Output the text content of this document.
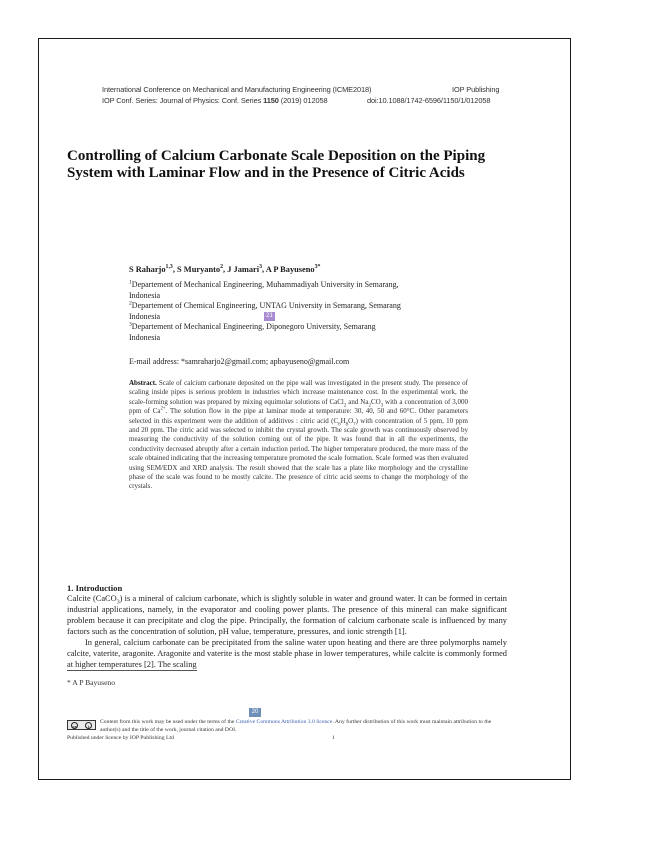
International Conference on Mechanical and Manufacturing Engineering (ICME2018)	IOP Publishing
IOP Conf. Series: Journal of Physics: Conf. Series 1150 (2019) 012058	doi:10.1088/1742-6596/1150/1/012058
Controlling of Calcium Carbonate Scale Deposition on the Piping System with Laminar Flow and in the Presence of Citric Acids
S Raharjo$^{1,3}$, S Muryanto$^2$, J Jamari$^3$, A P Bayuseno$^{3*}$
$^1$Departement of Mechanical Engineering, Muhammadiyah University in Semarang,
Indonesia
$^2$Departement of Chemical Engineering, UNTAG University in Semarang, Semarang
Indonesia	21
$^3$Departement of Mechanical Engineering, Diponegoro University, Semarang
Indonesia
E-mail address: *samraharjo2@gmail.com; apbayuseno@gmail.com
Abstract. Scale of calcium carbonate deposited on the pipe wall was investigated in the present study. The presence of scaling inside pipes is serious problem in industries which increase maintenance cost. In the experimental work, the scale-forming solution was prepared by mixing equimolar solutions of CaCl$_2$ and $Na_2CO_3$ with a concentration of 3,000 ppm of $Ca^{2+}$. The solution flow in the pipe at laminar mode at temperature: 30, 40, 50 and 60°C. Other parameters selected in this experiment were the addition of additives : citric acid $(C_6H_8O_7)$ with concentration of 5 ppm, 10 ppm and 20 ppm. The citric acid was selected to inhibit the crystal growth. The scale growth was continuously observed by measuring the conductivity of the solution coming out of the pipe. It was found that in all the experiments, the conductivity decreased abruptly after a certain induction period. The higher temperature produced, the more mass of the scale obtained indicating that the increasing temperature promoted the scale formation. Scale formed was then evaluated using SEM/EDX and XRD analysis. The result showed that the scale has a plate like morphology and the crystalline phase of the scale was found to be mostly calcite. The presence of citric acid seems to change the morphology of the crystals.
1. Introduction

Calcite (CaCO$_3$) is a mineral of calcium carbonate, which is slightly soluble in water and ground water. It can be formed in certain industrial applications, namely, in the evaporator and cooling power plants. The presence of this mineral can make significant problem because it can precipitate and clog the pipe. Principally, the formation of calcium carbonate scale is influenced by many factors such as the concentration of solution, pH value, temperature, pressures, and ionic strength [1].

In general, calcium carbonate can be precipitated from the saline water upon heating and there are three polymorphs namely calcite, vaterite, aragonite. Aragonite and vaterite is the most stable phase in lower temperatures, while calcite is commonly formed at higher temperatures [2]. The scaling

* A P Bayuseno
20
cc	i
Content from this work may be used under the terms of the Creative Commons Attribution 3.0 licence. Any further distribution of this work must maintain attribution to the author(s) and the title of the work, journal citation and DOI.
Published under licence by IOP Publishing Ltd	1
